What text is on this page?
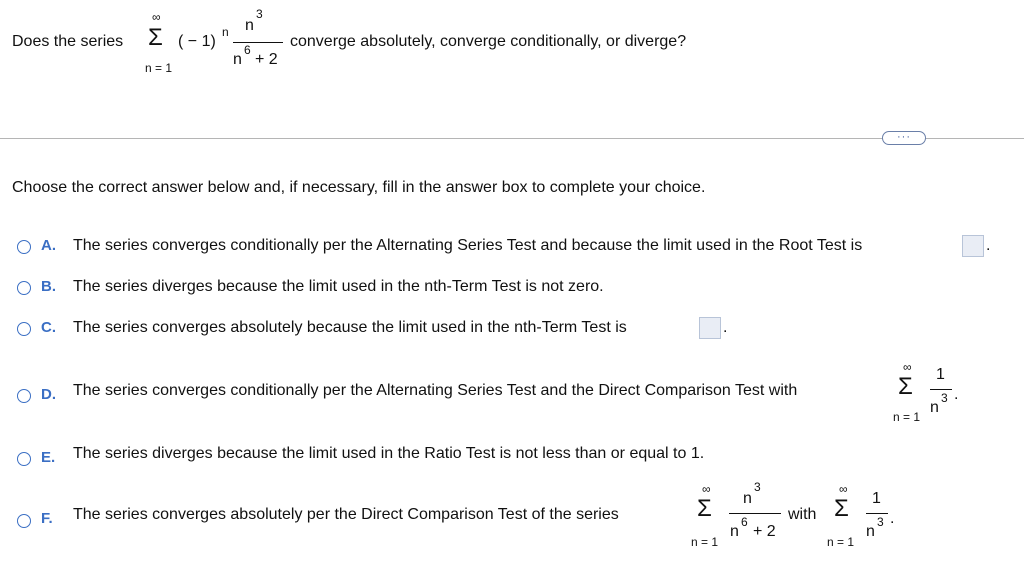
Does the series
∞
Σ
n = 1
( − 1)
n n
3
n
6
+ 2
converge absolutely, converge conditionally, or diverge?
···
Choose the correct answer below and, if necessary, fill in the answer box to complete your choice.
A. The series converges conditionally per the Alternating Series Test and because the limit used in the Root Test is	.
B. The series diverges because the limit used in the nth-Term Test is not zero.
C. The series converges absolutely because the limit used in the nth-Term Test is	.
D. The series converges conditionally per the Alternating Series Test and the Direct Comparison Test with
∞
Σ
n = 1
1
n
3 .
E. The series diverges because the limit used in the Ratio Test is not less than or equal to 1.
F. The series converges absolutely per the Direct Comparison Test of the series
∞
Σ
n = 1
n
3
n
6
+ 2
with
∞
Σ
n = 1
1
n
3 .
